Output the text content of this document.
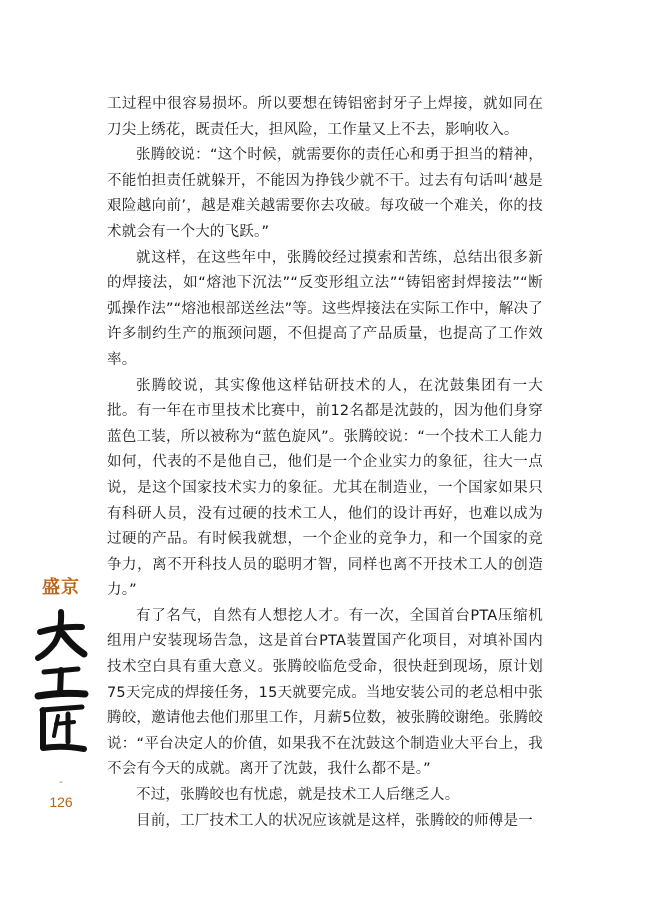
工过程中很容易损坏。所以要想在铸铝密封牙子上焊接，就如同在刀尖上绣花，既责任大，担风险，工作量又上不去，影响收入。

张腾皎说：“这个时候，就需要你的责任心和勇于担当的精神，不能怕担责任就躲开，不能因为挣钱少就不干。过去有句话叫‘越是艰险越向前’，越是难关越需要你去攻破。每攻破一个难关，你的技术就会有一个大的飞跃。”

就这样，在这些年中，张腾皎经过摸索和苦练，总结出很多新的焊接法，如“熔池下沉法”“反变形组立法”“铸铝密封焊接法”“断弧操作法”“熔池根部送丝法”等。这些焊接法在实际工作中，解决了许多制约生产的瓶颈问题，不但提高了产品质量，也提高了工作效率。

张腾皎说，其实像他这样钻研技术的人，在沈鼓集团有一大批。有一年在市里技术比赛中，前12名都是沈鼓的，因为他们身穿蓝色工装，所以被称为“蓝色旋风”。张腾皎说：“一个技术工人能力如何，代表的不是他自己，他们是一个企业实力的象征，往大一点说，是这个国家技术实力的象征。尤其在制造业，一个国家如果只有科研人员，没有过硬的技术工人，他们的设计再好，也难以成为过硬的产品。有时候我就想，一个企业的竞争力，和一个国家的竞争力，离不开科技人员的聪明才智，同样也离不开技术工人的创造力。”

有了名气，自然有人想挖人才。有一次，全国首台PTA压缩机组用户安装现场告急，这是首台PTA装置国产化项目，对填补国内技术空白具有重大意义。张腾皎临危受命，很快赶到现场，原计划75天完成的焊接任务，15天就要完成。当地安装公司的老总相中张腾皎，邀请他去他们那里工作，月薪5位数，被张腾皎谢绝。张腾皎说：“平台决定人的价值，如果我不在沈鼓这个制造业大平台上，我不会有今天的成就。离开了沈鼓，我什么都不是。”

不过，张腾皎也有忧虑，就是技术工人后继乏人。

目前，工厂技术工人的状况应该就是这样，张腾皎的师傅是一

盛京
-
126
